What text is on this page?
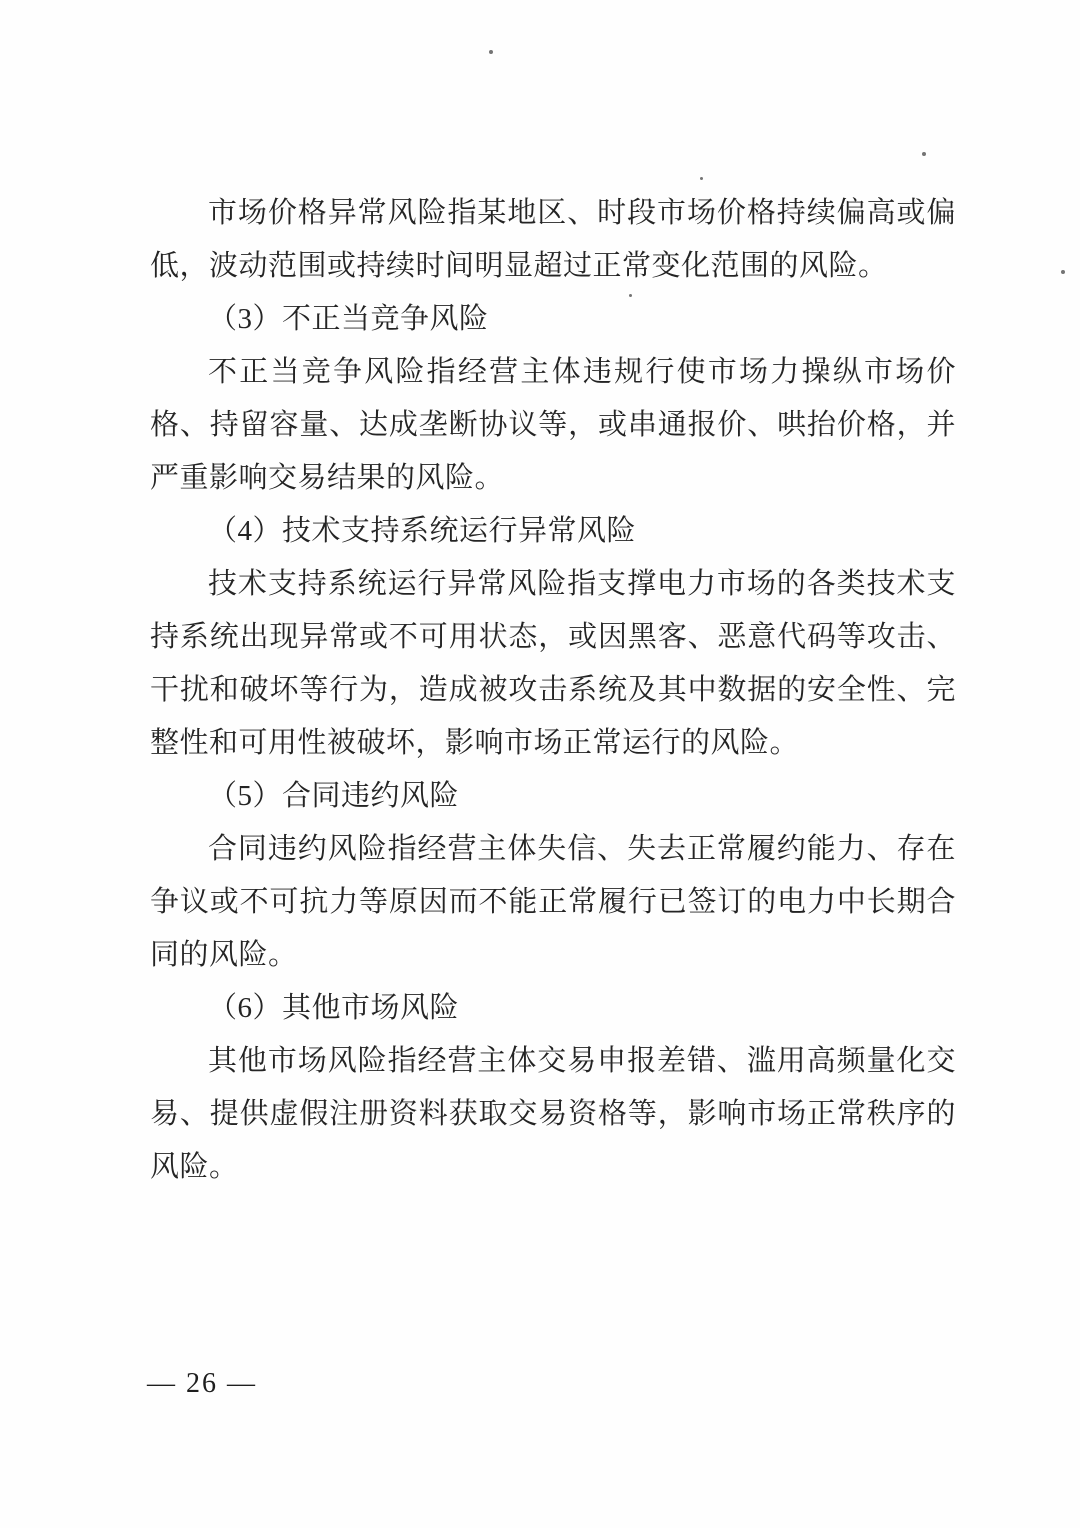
市场价格异常风险指某地区、时段市场价格持续偏高或偏低，波动范围或持续时间明显超过正常变化范围的风险。

（3）不正当竞争风险

不正当竞争风险指经营主体违规行使市场力操纵市场价格、持留容量、达成垄断协议等，或串通报价、哄抬价格，并严重影响交易结果的风险。

（4）技术支持系统运行异常风险

技术支持系统运行异常风险指支撑电力市场的各类技术支持系统出现异常或不可用状态，或因黑客、恶意代码等攻击、干扰和破坏等行为，造成被攻击系统及其中数据的安全性、完整性和可用性被破坏，影响市场正常运行的风险。

（5）合同违约风险

合同违约风险指经营主体失信、失去正常履约能力、存在争议或不可抗力等原因而不能正常履行已签订的电力中长期合同的风险。

（6）其他市场风险

其他市场风险指经营主体交易申报差错、滥用高频量化交易、提供虚假注册资料获取交易资格等，影响市场正常秩序的风险。

— 26 —
